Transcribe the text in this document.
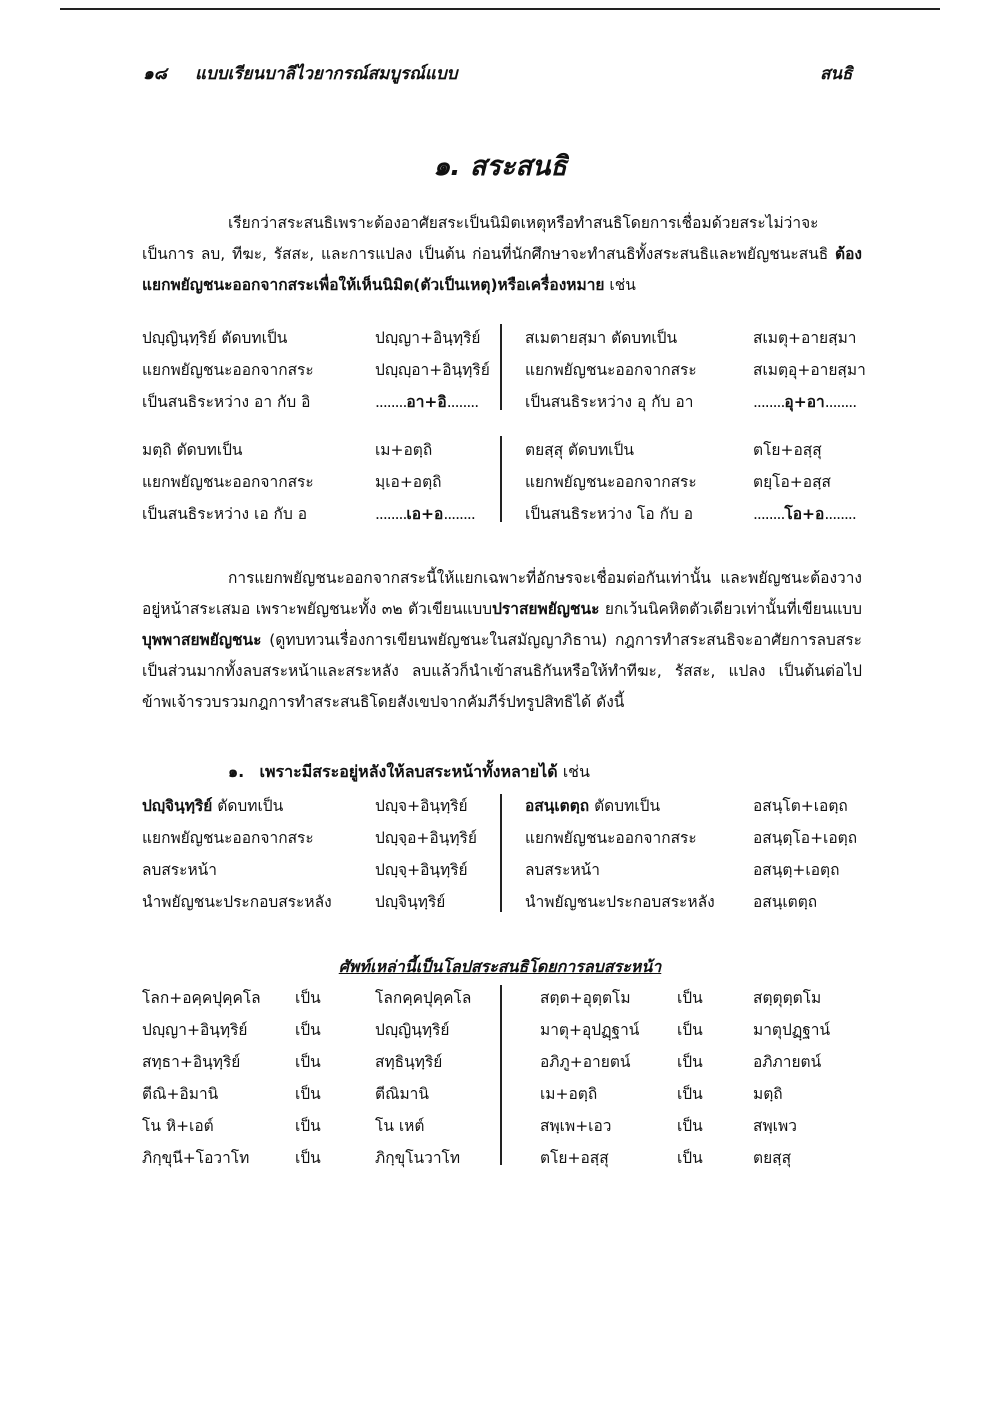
๑๘ แบบเรียนบาลีไวยากรณ์สมบูรณ์แบบ	สนธิ
๑. สระสนธิ

เรียกว่าสระสนธิเพราะต้องอาศัยสระเป็นนิมิตเหตุหรือทำสนธิโดยการเชื่อมด้วยสระไม่ว่าจะเป็นการ ลบ, ทีฆะ, รัสสะ, และการแปลง เป็นต้น ก่อนที่นักศึกษาจะทำสนธิทั้งสระสนธิและพยัญชนะสนธิ ต้องแยกพยัญชนะออกจากสระเพื่อให้เห็นนิมิต(ตัวเป็นเหตุ)หรือเครื่องหมาย เช่น

ปญฺญินฺทฺริย์ ตัดบทเป็น	ปญฺญา+อินฺทฺริย์
แยกพยัญชนะออกจากสระ	ปญฺญฺอา+อินฺทฺริย์
เป็นสนธิระหว่าง อา กับ อิ	........อา+อิ........
มตฺถิ ตัดบทเป็น	เม+อตฺถิ
แยกพยัญชนะออกจากสระ	มฺเอ+อตฺถิ
เป็นสนธิระหว่าง เอ กับ อ	........เอ+อ........
สเมตายสฺมา ตัดบทเป็น	สเมตุ+อายสฺมา
แยกพยัญชนะออกจากสระ	สเมตฺอุ+อายสฺมา
เป็นสนธิระหว่าง อุ กับ อา	........อุ+อา........
ตยสฺสุ ตัดบทเป็น	ตโย+อสฺสุ
แยกพยัญชนะออกจากสระ	ตยฺโอ+อสฺส
เป็นสนธิระหว่าง โอ กับ อ	........โอ+อ........

การแยกพยัญชนะออกจากสระนี้ให้แยกเฉพาะที่อักษรจะเชื่อมต่อกันเท่านั้น และพยัญชนะต้องวางอยู่หน้าสระเสมอ เพราะพยัญชนะทั้ง ๓๒ ตัวเขียนแบบปราสยพยัญชนะ ยกเว้นนิคหิตตัวเดียวเท่านั้นที่เขียนแบบบุพพาสยพยัญชนะ (ดูทบทวนเรื่องการเขียนพยัญชนะในสมัญญาภิธาน) กฎการทำสระสนธิจะอาศัยการลบสระเป็นส่วนมากทั้งลบสระหน้าและสระหลัง ลบแล้วก็นำเข้าสนธิกันหรือให้ทำทีฆะ, รัสสะ, แปลง เป็นต้นต่อไป ข้าพเจ้ารวบรวมกฎการทำสระสนธิโดยสังเขปจากคัมภีร์ปทรูปสิทธิได้ ดังนี้

๑. เพราะมีสระอยู่หลังให้ลบสระหน้าทั้งหลายได้ เช่น
ปญฺจินฺทฺริย์ ตัดบทเป็น	ปญฺจ+อินฺทฺริย์
แยกพยัญชนะออกจากสระ	ปญฺจฺอ+อินฺทฺริย์
ลบสระหน้า	ปญฺจฺ+อินฺทฺริย์
นำพยัญชนะประกอบสระหลัง	ปญฺจินฺทฺริย์
อสนฺเตตฺถ ตัดบทเป็น	อสนฺโต+เอตฺถ
แยกพยัญชนะออกจากสระ	อสนฺตฺโอ+เอตฺถ
ลบสระหน้า	อสนฺตฺ+เอตฺถ
นำพยัญชนะประกอบสระหลัง อสนฺเตตฺถ
ศัพท์เหล่านี้เป็นโลปสระสนธิโดยการลบสระหน้า
โลก+อคฺคปุคฺคโล เป็น	โลกคฺคปุคฺคโล
ปญฺญา+อินฺทฺริย์	เป็น	ปญฺญินฺทฺริย์
สทฺธา+อินฺทฺริย์	เป็น	สทฺธินฺทฺริย์
ตีณิ+อิมานิ	เป็น	ตีณิมานิ
โน หิ+เอต์	เป็น	โน เหต์
ภิกฺขุนี+โอวาโท	เป็น	ภิกฺขุโนวาโท
สตฺต+อุตฺตโม	เป็น	สตฺตุตฺตโม
มาตุ+อุปฏฺฐาน์ เป็น	มาตุปฏฺฐาน์
อภิภู+อายตน์	เป็น	อภิภายตน์
เม+อตฺถิ	เป็น	มตฺถิ
สพฺเพ+เอว	เป็น	สพฺเพว
ตโย+อสฺสุ	เป็น	ตยสฺสุ
